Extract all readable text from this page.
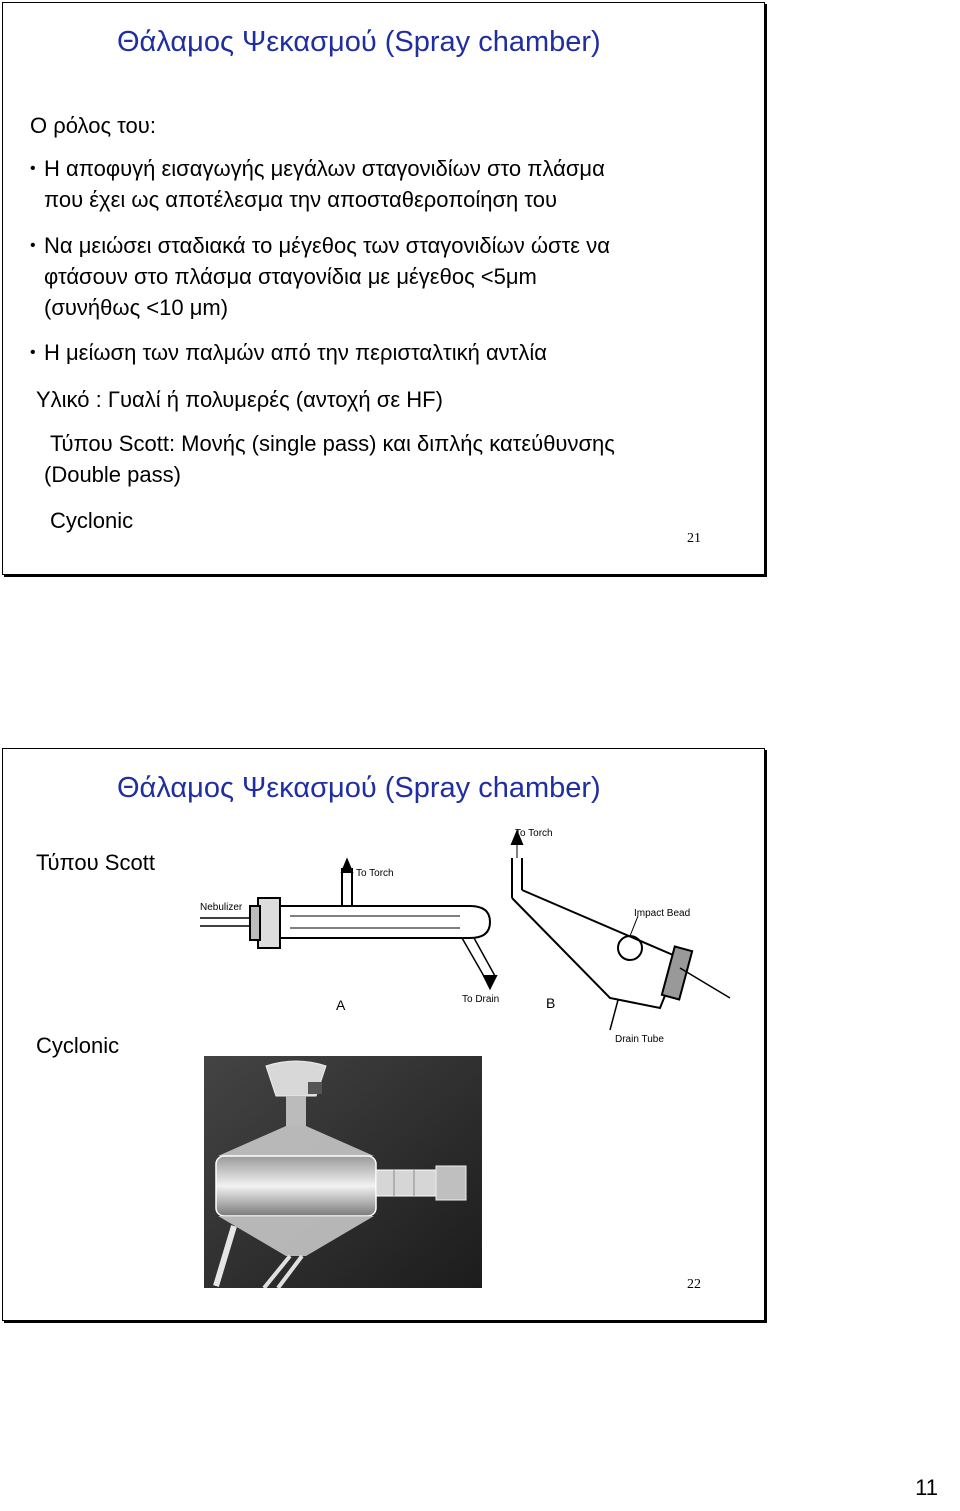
Θάλαμος Ψεκασμού (Spray chamber)
Ο ρόλος του:
• Η αποφυγή εισαγωγής μεγάλων σταγονιδίων στο πλάσμα
που έχει ως αποτέλεσμα την αποσταθεροποίηση του
• Να μειώσει σταδιακά το μέγεθος των σταγονιδίων ώστε να
φτάσουν στο πλάσμα σταγονίδια με μέγεθος <5μm
(συνήθως <10 μm)
• Η μείωση των παλμών από την περισταλτική αντλία
Υλικό : Γυαλί ή πολυμερές (αντοχή σε HF)
Τύπου Scott: Μονής (single pass) και διπλής κατεύθυνσης
(Double pass)
Cyclonic
21
Θάλαμος Ψεκασμού (Spray chamber)
Τύπου Scott
Cyclonic
To Torch
Nebulizer
To Drain
A
To Torch
Impact Bead
Drain Tube
B
22
11
